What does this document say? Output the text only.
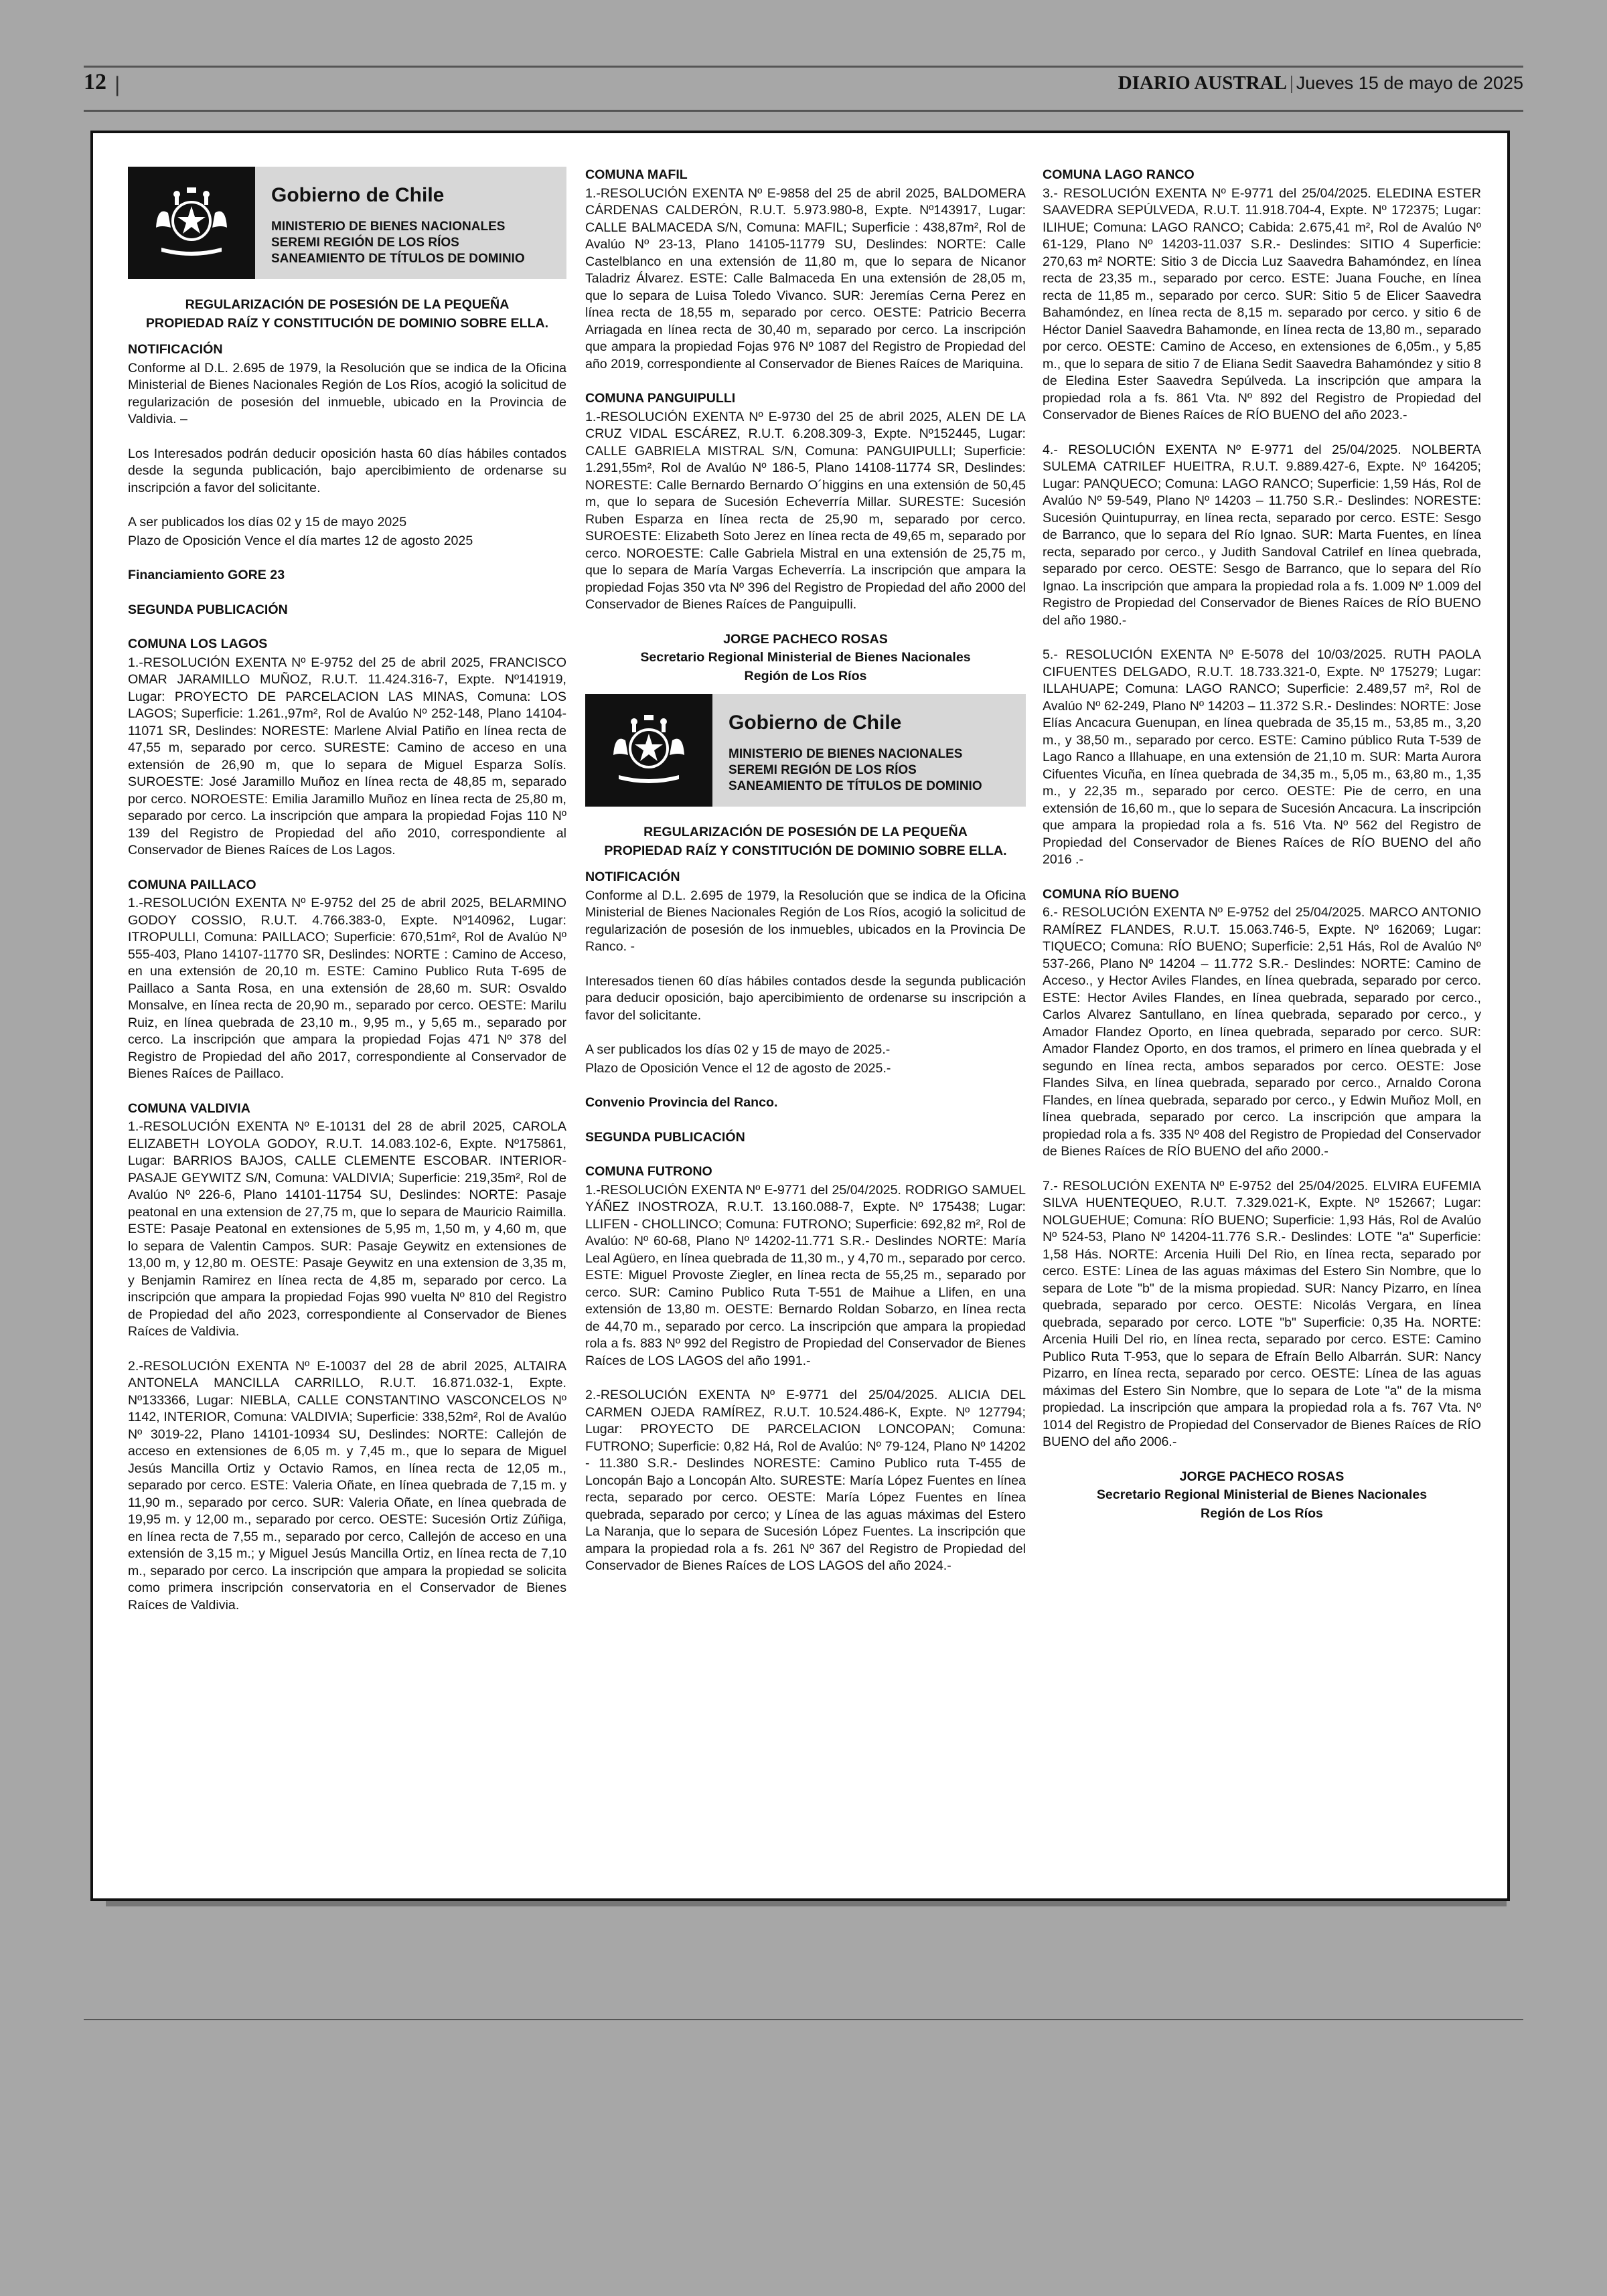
12 |	DIARIO AUSTRAL | Jueves 15 de mayo de 2025
Gobierno de Chile
MINISTERIO DE BIENES NACIONALES
SEREMI REGIÓN DE LOS RÍOS
SANEAMIENTO DE TÍTULOS DE DOMINIO

REGULARIZACIÓN DE POSESIÓN DE LA PEQUEÑA

PROPIEDAD RAÍZ Y CONSTITUCIÓN DE DOMINIO SOBRE ELLA.

NOTIFICACIÓN

Conforme al D.L. 2.695 de 1979, la Resolución que se indica de la Oficina Ministerial de Bienes Nacionales Región de Los Ríos, acogió la solicitud de regularización de posesión del inmueble, ubicado en la Provincia de Valdivia. –

Los Interesados podrán deducir oposición hasta 60 días hábiles contados desde la segunda publicación, bajo apercibimiento de ordenarse su inscripción a favor del solicitante.

A ser publicados los días 02 y 15 de mayo 2025

Plazo de Oposición Vence el día martes 12 de agosto 2025

Financiamiento GORE 23

SEGUNDA PUBLICACIÓN

COMUNA LOS LAGOS

1.-RESOLUCIÓN EXENTA Nº E-9752 del 25 de abril 2025, FRANCISCO OMAR JARAMILLO MUÑOZ, R.U.T. 11.424.316-7, Expte. Nº141919, Lugar: PROYECTO DE PARCELACION LAS MINAS, Comuna: LOS LAGOS; Superficie: 1.261.,97m², Rol de Avalúo Nº 252-148, Plano 14104-11071 SR, Deslindes: NORESTE: Marlene Alvial Patiño en línea recta de 47,55 m, separado por cerco. SURESTE: Camino de acceso en una extensión de 26,90 m, que lo separa de Miguel Esparza Solís. SUROESTE: José Jaramillo Muñoz en línea recta de 48,85 m, separado por cerco. NOROESTE: Emilia Jaramillo Muñoz en línea recta de 25,80 m, separado por cerco. La inscripción que ampara la propiedad Fojas 110 Nº 139 del Registro de Propiedad del año 2010, correspondiente al Conservador de Bienes Raíces de Los Lagos.

COMUNA PAILLACO

1.-RESOLUCIÓN EXENTA Nº E-9752 del 25 de abril 2025, BELARMINO GODOY COSSIO, R.U.T. 4.766.383-0, Expte. Nº140962, Lugar: ITROPULLI, Comuna: PAILLACO; Superficie: 670,51m², Rol de Avalúo Nº 555-403, Plano 14107-11770 SR, Deslindes: NORTE : Camino de Acceso, en una extensión de 20,10 m. ESTE: Camino Publico Ruta T-695 de Paillaco a Santa Rosa, en una extensión de 28,60 m. SUR: Osvaldo Monsalve, en línea recta de 20,90 m., separado por cerco. OESTE: Marilu Ruiz, en línea quebrada de 23,10 m., 9,95 m., y 5,65 m., separado por cerco. La inscripción que ampara la propiedad Fojas 471 Nº 378 del Registro de Propiedad del año 2017, correspondiente al Conservador de Bienes Raíces de Paillaco.

COMUNA VALDIVIA

1.-RESOLUCIÓN EXENTA Nº E-10131 del 28 de abril 2025, CAROLA ELIZABETH LOYOLA GODOY, R.U.T. 14.083.102-6, Expte. Nº175861, Lugar: BARRIOS BAJOS, CALLE CLEMENTE ESCOBAR. INTERIOR-PASAJE GEYWITZ S/N, Comuna: VALDIVIA; Superficie: 219,35m², Rol de Avalúo Nº 226-6, Plano 14101-11754 SU, Deslindes: NORTE: Pasaje peatonal en una extension de 27,75 m, que lo separa de Mauricio Raimilla. ESTE: Pasaje Peatonal en extensiones de 5,95 m, 1,50 m, y 4,60 m, que lo separa de Valentin Campos. SUR: Pasaje Geywitz en extensiones de 13,00 m, y 12,80 m. OESTE: Pasaje Geywitz en una extension de 3,35 m, y Benjamin Ramirez en línea recta de 4,85 m, separado por cerco. La inscripción que ampara la propiedad Fojas 990 vuelta Nº 810 del Registro de Propiedad del año 2023, correspondiente al Conservador de Bienes Raíces de Valdivia.

2.-RESOLUCIÓN EXENTA Nº E-10037 del 28 de abril 2025, ALTAIRA ANTONELA MANCILLA CARRILLO, R.U.T. 16.871.032-1, Expte. Nº133366, Lugar: NIEBLA, CALLE CONSTANTINO VASCONCELOS Nº 1142, INTERIOR, Comuna: VALDIVIA; Superficie: 338,52m², Rol de Avalúo Nº 3019-22, Plano 14101-10934 SU, Deslindes: NORTE: Callejón de acceso en extensiones de 6,05 m. y 7,45 m., que lo separa de Miguel Jesús Mancilla Ortiz y Octavio Ramos, en línea recta de 12,05 m., separado por cerco. ESTE: Valeria Oñate, en línea quebrada de 7,15 m. y 11,90 m., separado por cerco. SUR: Valeria Oñate, en línea quebrada de 19,95 m. y 12,00 m., separado por cerco. OESTE: Sucesión Ortiz Zúñiga, en línea recta de 7,55 m., separado por cerco, Callejón de acceso en una extensión de 3,15 m.; y Miguel Jesús Mancilla Ortiz, en línea recta de 7,10 m., separado por cerco. La inscripción que ampara la propiedad se solicita como primera inscripción conservatoria en el Conservador de Bienes Raíces de Valdivia.

COMUNA MAFIL

1.-RESOLUCIÓN EXENTA Nº E-9858 del 25 de abril 2025, BALDOMERA CÁRDENAS CALDERÓN, R.U.T. 5.973.980-8, Expte. Nº143917, Lugar: CALLE BALMACEDA S/N, Comuna: MAFIL; Superficie : 438,87m², Rol de Avalúo Nº 23-13, Plano 14105-11779 SU, Deslindes: NORTE: Calle Castelblanco en una extensión de 11,80 m, que lo separa de Nicanor Taladriz Álvarez. ESTE: Calle Balmaceda En una extensión de 28,05 m, que lo separa de Luisa Toledo Vivanco. SUR: Jeremías Cerna Perez en línea recta de 18,55 m, separado por cerco. OESTE: Patricio Becerra Arriagada en línea recta de 30,40 m, separado por cerco. La inscripción que ampara la propiedad Fojas 976 Nº 1087 del Registro de Propiedad del año 2019, correspondiente al Conservador de Bienes Raíces de Mariquina.

COMUNA PANGUIPULLI

1.-RESOLUCIÓN EXENTA Nº E-9730 del 25 de abril 2025, ALEN DE LA CRUZ VIDAL ESCÁREZ, R.U.T. 6.208.309-3, Expte. Nº152445, Lugar: CALLE GABRIELA MISTRAL S/N, Comuna: PANGUIPULLI; Superficie: 1.291,55m², Rol de Avalúo Nº 186-5, Plano 14108-11774 SR, Deslindes: NORESTE: Calle Bernardo Bernardo O´higgins en una extensión de 50,45 m, que lo separa de Sucesión Echeverría Millar. SURESTE: Sucesión Ruben Esparza en línea recta de 25,90 m, separado por cerco. SUROESTE: Elizabeth Soto Jerez en línea recta de 49,65 m, separado por cerco. NOROESTE: Calle Gabriela Mistral en una extensión de 25,75 m, que lo separa de María Vargas Echeverría. La inscripción que ampara la propiedad Fojas 350 vta Nº 396 del Registro de Propiedad del año 2000 del Conservador de Bienes Raíces de Panguipulli.

JORGE PACHECO ROSAS

Secretario Regional Ministerial de Bienes Nacionales

Región de Los Ríos

Gobierno de Chile
MINISTERIO DE BIENES NACIONALES
SEREMI REGIÓN DE LOS RÍOS
SANEAMIENTO DE TÍTULOS DE DOMINIO

REGULARIZACIÓN DE POSESIÓN DE LA PEQUEÑA

PROPIEDAD RAÍZ Y CONSTITUCIÓN DE DOMINIO SOBRE ELLA.

NOTIFICACIÓN

Conforme al D.L. 2.695 de 1979, la Resolución que se indica de la Oficina Ministerial de Bienes Nacionales Región de Los Ríos, acogió la solicitud de regularización de posesión de los inmuebles, ubicados en la Provincia De Ranco. -

Interesados tienen 60 días hábiles contados desde la segunda publicación para deducir oposición, bajo apercibimiento de ordenarse su inscripción a favor del solicitante.

A ser publicados los días 02 y 15 de mayo de 2025.-

Plazo de Oposición Vence el 12 de agosto de 2025.-

Convenio Provincia del Ranco.

SEGUNDA PUBLICACIÓN

COMUNA FUTRONO

1.-RESOLUCIÓN EXENTA Nº E-9771 del 25/04/2025. RODRIGO SAMUEL YÁÑEZ INOSTROZA, R.U.T. 13.160.088-7, Expte. Nº 175438; Lugar: LLIFEN - CHOLLINCO; Comuna: FUTRONO; Superficie: 692,82 m², Rol de Avalúo: Nº 60-68, Plano Nº 14202-11.771 S.R.- Deslindes NORTE: María Leal Agüero, en línea quebrada de 11,30 m., y 4,70 m., separado por cerco. ESTE: Miguel Provoste Ziegler, en línea recta de 55,25 m., separado por cerco. SUR: Camino Publico Ruta T-551 de Maihue a Llifen, en una extensión de 13,80 m. OESTE: Bernardo Roldan Sobarzo, en línea recta de 44,70 m., separado por cerco. La inscripción que ampara la propiedad rola a fs. 883 Nº 992 del Registro de Propiedad del Conservador de Bienes Raíces de LOS LAGOS del año 1991.-

2.-RESOLUCIÓN EXENTA Nº E-9771 del 25/04/2025. ALICIA DEL CARMEN OJEDA RAMÍREZ, R.U.T. 10.524.486-K, Expte. Nº 127794; Lugar: PROYECTO DE PARCELACION LONCOPAN; Comuna: FUTRONO; Superficie: 0,82 Há, Rol de Avalúo: Nº 79-124, Plano Nº 14202 - 11.380 S.R.- Deslindes NORESTE: Camino Publico ruta T-455 de Loncopán Bajo a Loncopán Alto. SURESTE: María López Fuentes en línea recta, separado por cerco. OESTE: María López Fuentes en línea quebrada, separado por cerco; y Línea de las aguas máximas del Estero La Naranja, que lo separa de Sucesión López Fuentes. La inscripción que ampara la propiedad rola a fs. 261 Nº 367 del Registro de Propiedad del Conservador de Bienes Raíces de LOS LAGOS del año 2024.-

COMUNA LAGO RANCO

3.- RESOLUCIÓN EXENTA Nº E-9771 del 25/04/2025. ELEDINA ESTER SAAVEDRA SEPÚLVEDA, R.U.T. 11.918.704-4, Expte. Nº 172375; Lugar: ILIHUE; Comuna: LAGO RANCO; Cabida: 2.675,41 m², Rol de Avalúo Nº 61-129, Plano Nº 14203-11.037 S.R.- Deslindes: SITIO 4 Superficie: 270,63 m² NORTE: Sitio 3 de Diccia Luz Saavedra Bahamóndez, en línea recta de 23,35 m., separado por cerco. ESTE: Juana Fouche, en línea recta de 11,85 m., separado por cerco. SUR: Sitio 5 de Elicer Saavedra Bahamóndez, en línea recta de 8,15 m. separado por cerco. y sitio 6 de Héctor Daniel Saavedra Bahamonde, en línea recta de 13,80 m., separado por cerco. OESTE: Camino de Acceso, en extensiones de 6,05m., y 5,85 m., que lo separa de sitio 7 de Eliana Sedit Saavedra Bahamóndez y sitio 8 de Eledina Ester Saavedra Sepúlveda. La inscripción que ampara la propiedad rola a fs. 861 Vta. Nº 892 del Registro de Propiedad del Conservador de Bienes Raíces de RÍO BUENO del año 2023.-

4.- RESOLUCIÓN EXENTA Nº E-9771 del 25/04/2025. NOLBERTA SULEMA CATRILEF HUEITRA, R.U.T. 9.889.427-6, Expte. Nº 164205; Lugar: PANQUECO; Comuna: LAGO RANCO; Superficie: 1,59 Hás, Rol de Avalúo Nº 59-549, Plano Nº 14203 – 11.750 S.R.- Deslindes: NORESTE: Sucesión Quintupurray, en línea recta, separado por cerco. ESTE: Sesgo de Barranco, que lo separa del Río Ignao. SUR: Marta Fuentes, en línea recta, separado por cerco., y Judith Sandoval Catrilef en línea quebrada, separado por cerco. OESTE: Sesgo de Barranco, que lo separa del Río Ignao. La inscripción que ampara la propiedad rola a fs. 1.009 Nº 1.009 del Registro de Propiedad del Conservador de Bienes Raíces de RÍO BUENO del año 1980.-

5.- RESOLUCIÓN EXENTA Nº E-5078 del 10/03/2025. RUTH PAOLA CIFUENTES DELGADO, R.U.T. 18.733.321-0, Expte. Nº 175279; Lugar: ILLAHUAPE; Comuna: LAGO RANCO; Superficie: 2.489,57 m², Rol de Avalúo Nº 62-249, Plano Nº 14203 – 11.372 S.R.- Deslindes: NORTE: Jose Elías Ancacura Guenupan, en línea quebrada de 35,15 m., 53,85 m., 3,20 m., y 38,50 m., separado por cerco. ESTE: Camino público Ruta T-539 de Lago Ranco a Illahuape, en una extensión de 21,10 m. SUR: Marta Aurora Cifuentes Vicuña, en línea quebrada de 34,35 m., 5,05 m., 63,80 m., 1,35 m., y 22,35 m., separado por cerco. OESTE: Pie de cerro, en una extensión de 16,60 m., que lo separa de Sucesión Ancacura. La inscripción que ampara la propiedad rola a fs. 516 Vta. Nº 562 del Registro de Propiedad del Conservador de Bienes Raíces de RÍO BUENO del año 2016 .-

COMUNA RÍO BUENO

6.- RESOLUCIÓN EXENTA Nº E-9752 del 25/04/2025. MARCO ANTONIO RAMÍREZ FLANDES, R.U.T. 15.063.746-5, Expte. Nº 162069; Lugar: TIQUECO; Comuna: RÍO BUENO; Superficie: 2,51 Hás, Rol de Avalúo Nº 537-266, Plano Nº 14204 – 11.772 S.R.- Deslindes: NORTE: Camino de Acceso., y Hector Aviles Flandes, en línea quebrada, separado por cerco. ESTE: Hector Aviles Flandes, en línea quebrada, separado por cerco., Carlos Alvarez Santullano, en línea quebrada, separado por cerco., y Amador Flandez Oporto, en línea quebrada, separado por cerco. SUR: Amador Flandez Oporto, en dos tramos, el primero en línea quebrada y el segundo en línea recta, ambos separados por cerco. OESTE: Jose Flandes Silva, en línea quebrada, separado por cerco., Arnaldo Corona Flandes, en línea quebrada, separado por cerco., y Edwin Muñoz Moll, en línea quebrada, separado por cerco. La inscripción que ampara la propiedad rola a fs. 335 Nº 408 del Registro de Propiedad del Conservador de Bienes Raíces de RÍO BUENO del año 2000.-

7.- RESOLUCIÓN EXENTA Nº E-9752 del 25/04/2025. ELVIRA EUFEMIA SILVA HUENTEQUEO, R.U.T. 7.329.021-K, Expte. Nº 152667; Lugar: NOLGUEHUE; Comuna: RÍO BUENO; Superficie: 1,93 Hás, Rol de Avalúo Nº 524-53, Plano Nº 14204-11.776 S.R.- Deslindes: LOTE "a" Superficie: 1,58 Hás. NORTE: Arcenia Huili Del Rio, en línea recta, separado por cerco. ESTE: Línea de las aguas máximas del Estero Sin Nombre, que lo separa de Lote "b" de la misma propiedad. SUR: Nancy Pizarro, en línea quebrada, separado por cerco. OESTE: Nicolás Vergara, en línea quebrada, separado por cerco. LOTE "b" Superficie: 0,35 Ha. NORTE: Arcenia Huili Del rio, en línea recta, separado por cerco. ESTE: Camino Publico Ruta T-953, que lo separa de Efraín Bello Albarrán. SUR: Nancy Pizarro, en línea recta, separado por cerco. OESTE: Línea de las aguas máximas del Estero Sin Nombre, que lo separa de Lote "a" de la misma propiedad. La inscripción que ampara la propiedad rola a fs. 767 Vta. Nº 1014 del Registro de Propiedad del Conservador de Bienes Raíces de RÍO BUENO del año 2006.-

JORGE PACHECO ROSAS

Secretario Regional Ministerial de Bienes Nacionales

Región de Los Ríos
